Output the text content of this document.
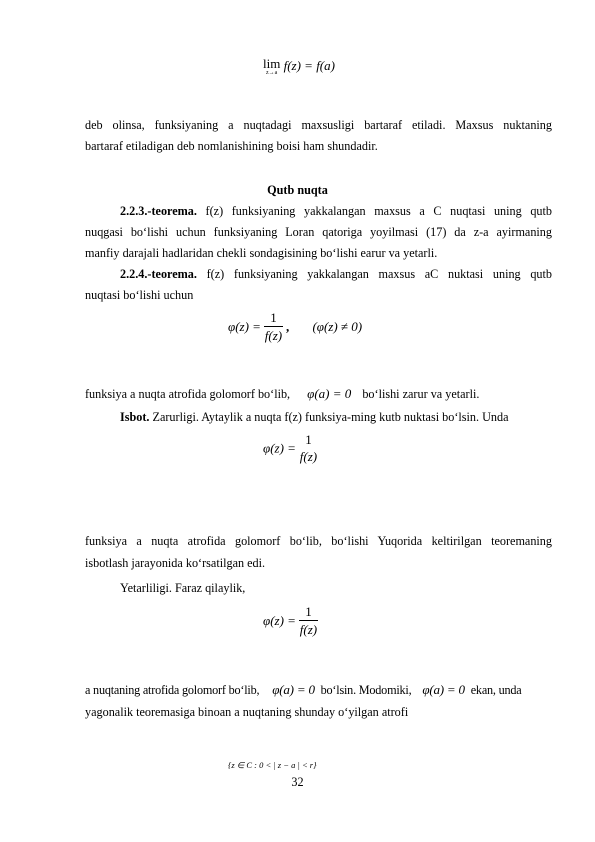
lim
z→a f(z) = f(a)
deb olinsa, funksiyaning a nuqtadagi maxsusligi bartaraf etiladi. Maxsus nuktaning
bartaraf etiladigan deb nomlanishining boisi ham shundadir.
Qutb nuqta
2.2.3.-teorema. f(z) funksiyaning yakkalangan maxsus a C nuqtasi uning qutb
nuqgasi bo‘lishi uchun funksiyaning Loran qatoriga yoyilmasi (17) da z-a ayirmaning
manfiy darajali hadlaridan chekli sondagisining bo‘lishi earur va yetarli.
2.2.4.-teorema. f(z) funksiyaning yakkalangan maxsus aC nuktasi uning qutb
nuqtasi bo‘lishi uchun
$\varphi(z) = \frac{1}{f(z)}$ , (φ(z) ≠ 0)
funksiya a nuqta atrofida golomorf bo‘lib, φ(a) = 0 bo‘lishi zarur va yetarli.
Isbot. Zarurligi. Aytaylik a nuqta f(z) funksiya-ming kutb nuktasi bo‘lsin. Unda
φ(z) =
1
f(z)
funksiya a nuqta atrofida golomorf bo‘lib, bo‘lishi Yuqorida keltirilgan teoremaning
isbotlash jarayonida ko‘rsatilgan edi.
Yetarliligi. Faraz qilaylik,
$\varphi(z) = \frac{1}{f(z)}$
a nuqtaning atrofida golomorf bo‘lib, φ(a) = 0 bo‘lsin. Modomiki, φ(a) = 0 ekan, unda
yagonalik teoremasiga binoan a nuqtaning shunday o‘yilgan atrofi
{z ∈ C : 0 < | z − a | < r}
32
